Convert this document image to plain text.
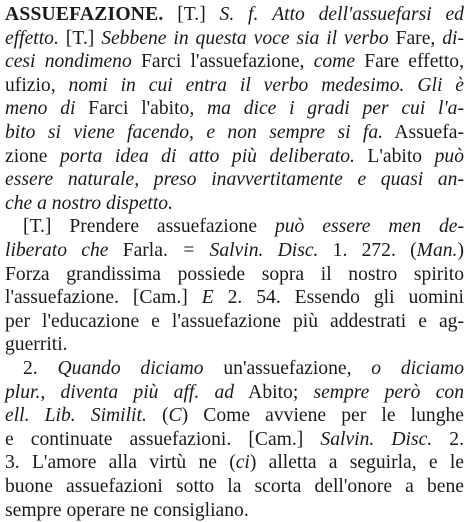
ASSUEFAZIONE. [T.] S. f. Atto dell'assuefarsi ed
effetto. [T.] Sebbene in questa voce sia il verbo Fare, di-
cesi nondimeno Farci l'assuefazione, come Fare effetto,
ufizio, nomi in cui entra il verbo medesimo. Gli è
meno di Farci l'abito, ma dice i gradi per cui l'a-
bito si viene facendo, e non sempre si fa. Assuefa-
zione porta idea di atto più deliberato. L'abito può
essere naturale, preso inavvertitamente e quasi an-
che a nostro dispetto.
[T.] Prendere assuefazione può essere men de-
liberato che Farla. = Salvin. Disc. 1. 272. (Man.)
Forza grandissima possiede sopra il nostro spirito
l'assuefazione. [Cam.] E 2. 54. Essendo gli uomini
per l'educazione e l'assuefazione più addestrati e ag-
guerriti.
2. Quando diciamo un'assuefazione, o diciamo
plur., diventa più aff. ad Abito; sempre però con
ell. Lib. Similit. (C) Come avviene per le lunghe
e continuate assuefazioni. [Cam.] Salvin. Disc. 2.
3. L'amore alla virtù ne (ci) alletta a seguirla, e le
buone assuefazioni sotto la scorta dell'onore a bene
sempre operare ne consigliano.
